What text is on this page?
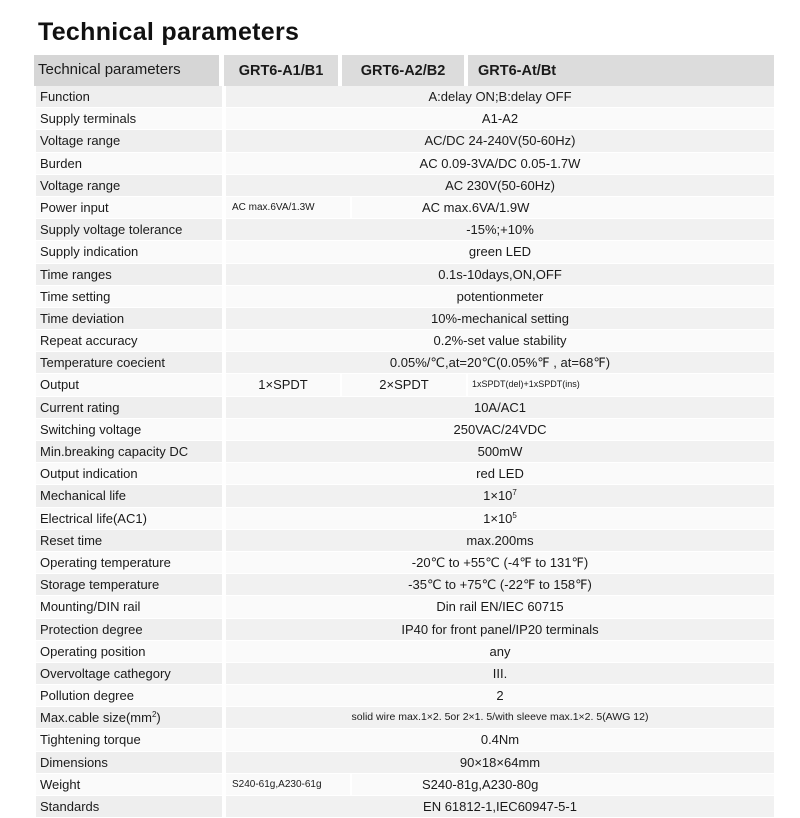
Technical parameters
Technical parameters	GRT6-A1/B1	GRT6-A2/B2	GRT6-At/Bt
Function	A:delay ON;B:delay OFF
Supply terminals	A1-A2
Voltage range	AC/DC 24-240V(50-60Hz)
Burden	AC 0.09-3VA/DC 0.05-1.7W
Voltage range	AC 230V(50-60Hz)
Power input	AC max.6VA/1.3W	AC max.6VA/1.9W
Supply voltage tolerance	-15%;+10%
Supply indication	green LED
Time ranges	0.1s-10days,ON,OFF
Time setting	potentionmeter
Time deviation	10%-mechanical setting
Repeat accuracy	0.2%-set value stability
Temperature coecient	0.05%/℃,at=20℃(0.05%℉ , at=68℉)
Output	1×SPDT	2×SPDT	1xSPDT(del)+1xSPDT(ins)
Current rating	10A/AC1
Switching voltage	250VAC/24VDC
Min.breaking capacity DC	500mW
Output indication	red LED
Mechanical life	$1\times 10^7$
Electrical life(AC1)	$1\times 10^5$
Reset time	max.200ms
Operating temperature	-20℃ to +55℃ (-4℉ to 131℉)
Storage temperature	-35℃ to +75℃ (-22℉ to 158℉)
Mounting/DIN rail	Din rail EN/IEC 60715
Protection degree	IP40 for front panel/IP20 terminals
Operating position	any
Overvoltage cathegory	III.
Pollution degree	2
Max.cable $size(mm^2)$	solid wire max.1×2. 5or 2×1. 5/with sleeve max.1×2. 5(AWG 12)
Tightening torque	0.4Nm
Dimensions	90×18×64mm
Weight	S240-61g,A230-61g	S240-81g,A230-80g
Standards	EN 61812-1,IEC60947-5-1
